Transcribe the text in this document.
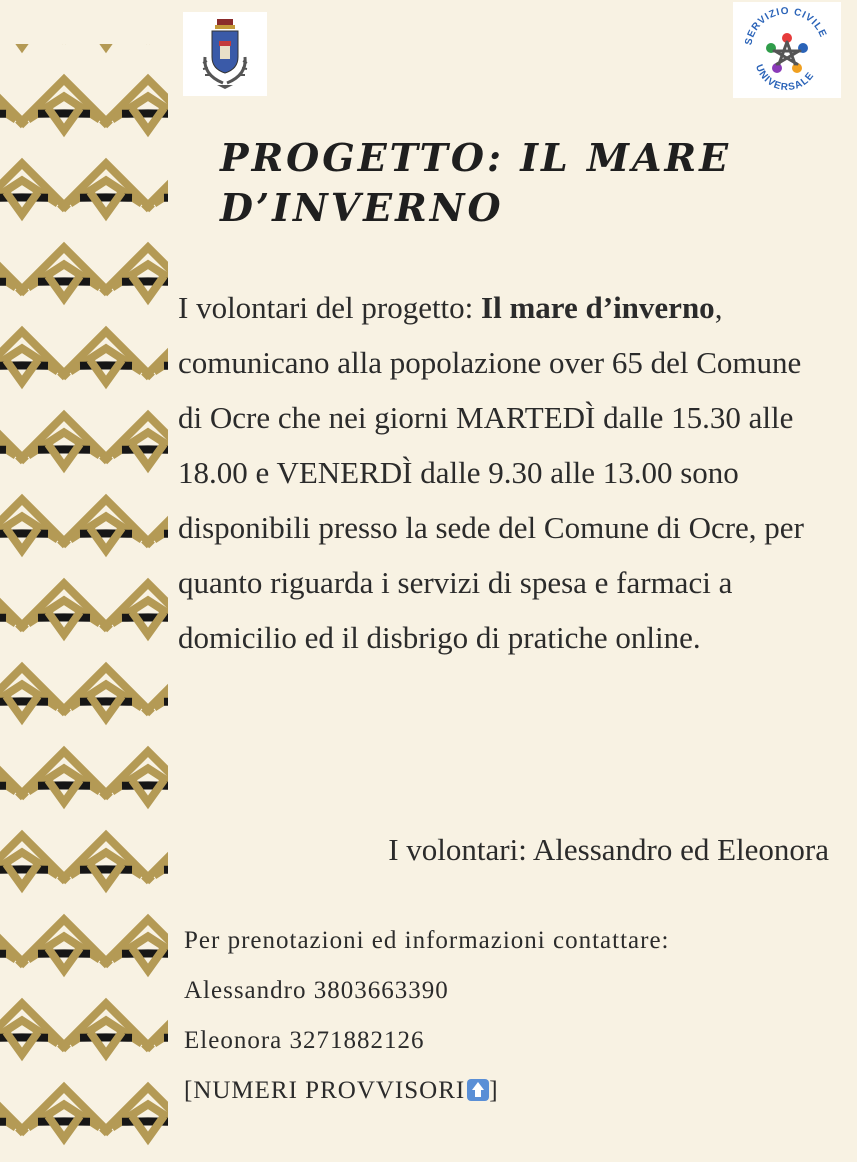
SERVIZIO CIVILE
UNIVERSALE
PROGETTO: IL MARE
D’INVERNO

I volontari del progetto: Il mare d’inverno, comunicano alla popolazione over 65 del Comune di Ocre che nei giorni MARTEDÌ dalle 15.30 alle 18.00 e VENERDÌ dalle 9.30 alle 13.00 sono disponibili presso la sede del Comune di Ocre, per quanto riguarda i servizi di spesa e farmaci a domicilio ed il disbrigo di pratiche online.

I volontari: Alessandro ed Eleonora

Per prenotazioni ed informazioni contattare:
Alessandro 3803663390
Eleonora 3271882126
[NUMERI PROVVISORI ]
